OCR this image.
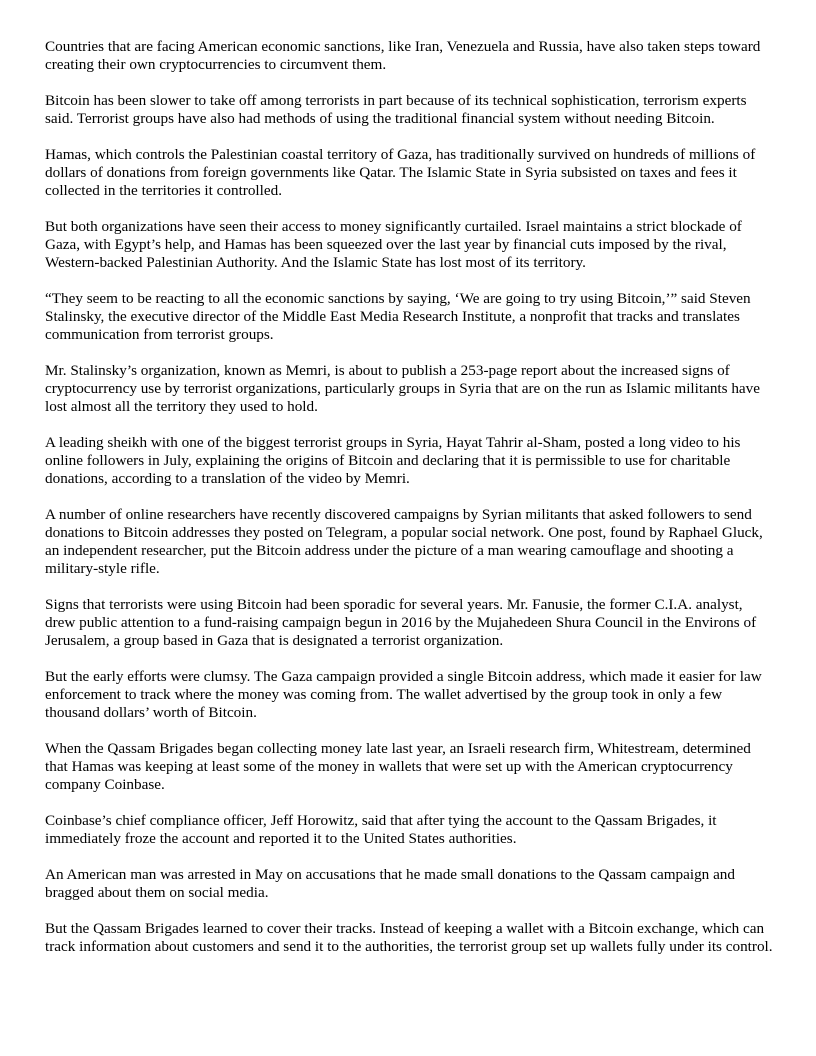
Countries that are facing American economic sanctions, like Iran, Venezuela and Russia, have also taken steps toward creating their own cryptocurrencies to circumvent them.

Bitcoin has been slower to take off among terrorists in part because of its technical sophistication, terrorism experts said. Terrorist groups have also had methods of using the traditional financial system without needing Bitcoin.

Hamas, which controls the Palestinian coastal territory of Gaza, has traditionally survived on hundreds of millions of dollars of donations from foreign governments like Qatar. The Islamic State in Syria subsisted on taxes and fees it collected in the territories it controlled.

But both organizations have seen their access to money significantly curtailed. Israel maintains a strict blockade of Gaza, with Egypt’s help, and Hamas has been squeezed over the last year by financial cuts imposed by the rival, Western-backed Palestinian Authority. And the Islamic State has lost most of its territory.

“They seem to be reacting to all the economic sanctions by saying, ‘We are going to try using Bitcoin,’” said Steven Stalinsky, the executive director of the Middle East Media Research Institute, a nonprofit that tracks and translates communication from terrorist groups.

Mr. Stalinsky’s organization, known as Memri, is about to publish a 253-page report about the increased signs of cryptocurrency use by terrorist organizations, particularly groups in Syria that are on the run as Islamic militants have lost almost all the territory they used to hold.

A leading sheikh with one of the biggest terrorist groups in Syria, Hayat Tahrir al-Sham, posted a long video to his online followers in July, explaining the origins of Bitcoin and declaring that it is permissible to use for charitable donations, according to a translation of the video by Memri.

A number of online researchers have recently discovered campaigns by Syrian militants that asked followers to send donations to Bitcoin addresses they posted on Telegram, a popular social network. One post, found by Raphael Gluck, an independent researcher, put the Bitcoin address under the picture of a man wearing camouflage and shooting a military-style rifle.

Signs that terrorists were using Bitcoin had been sporadic for several years. Mr. Fanusie, the former C.I.A. analyst, drew public attention to a fund-raising campaign begun in 2016 by the Mujahedeen Shura Council in the Environs of Jerusalem, a group based in Gaza that is designated a terrorist organization.

But the early efforts were clumsy. The Gaza campaign provided a single Bitcoin address, which made it easier for law enforcement to track where the money was coming from. The wallet advertised by the group took in only a few thousand dollars’ worth of Bitcoin.

When the Qassam Brigades began collecting money late last year, an Israeli research firm, Whitestream, determined that Hamas was keeping at least some of the money in wallets that were set up with the American cryptocurrency company Coinbase.

Coinbase’s chief compliance officer, Jeff Horowitz, said that after tying the account to the Qassam Brigades, it immediately froze the account and reported it to the United States authorities.

An American man was arrested in May on accusations that he made small donations to the Qassam campaign and bragged about them on social media.

But the Qassam Brigades learned to cover their tracks. Instead of keeping a wallet with a Bitcoin exchange, which can track information about customers and send it to the authorities, the terrorist group set up wallets fully under its control.
